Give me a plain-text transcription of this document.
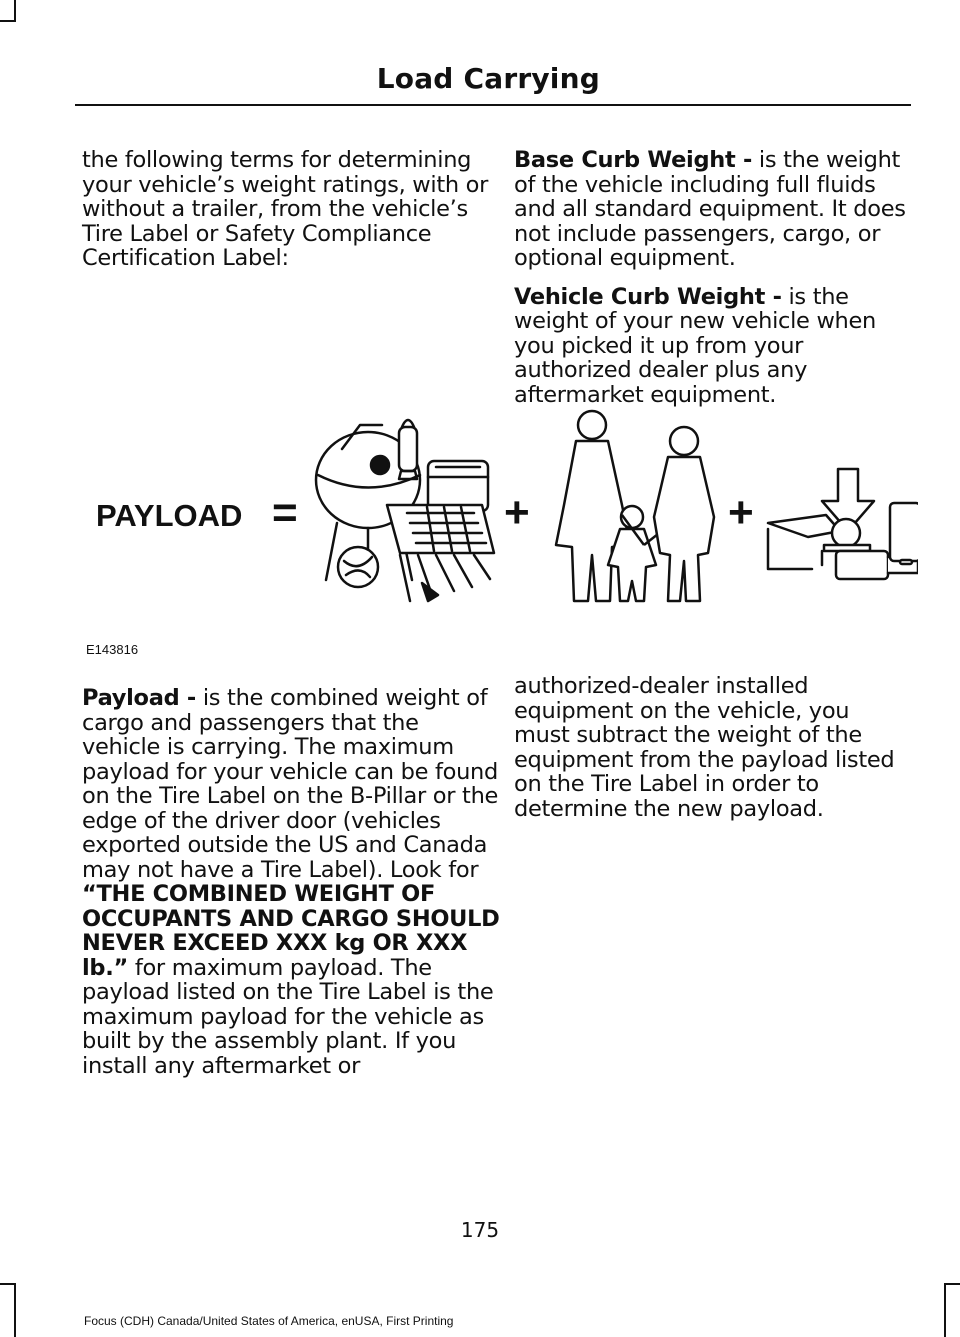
Load Carrying

the following terms for determining your vehicle’s weight ratings, with or without a trailer, from the vehicle’s Tire Label or Safety Compliance Certification Label:

Base Curb Weight - is the weight of the vehicle including full fluids and all standard equipment. It does not include passengers, cargo, or optional equipment.

Vehicle Curb Weight - is the weight of your new vehicle when you picked it up from your authorized dealer plus any aftermarket equipment.

PAYLOAD =	+	+
E143816

Payload - is the combined weight of cargo and passengers that the vehicle is carrying. The maximum payload for your vehicle can be found on the Tire Label on the B-Pillar or the edge of the driver door (vehicles exported outside the US and Canada may not have a Tire Label). Look for “THE COMBINED WEIGHT OF OCCUPANTS AND CARGO SHOULD NEVER EXCEED XXX kg OR XXX lb.” for maximum payload. The payload listed on the Tire Label is the maximum payload for the vehicle as built by the assembly plant. If you install any aftermarket or

authorized-dealer installed equipment on the vehicle, you must subtract the weight of the equipment from the payload listed on the Tire Label in order to determine the new payload.

175
Focus (CDH) Canada/United States of America, enUSA, First Printing
